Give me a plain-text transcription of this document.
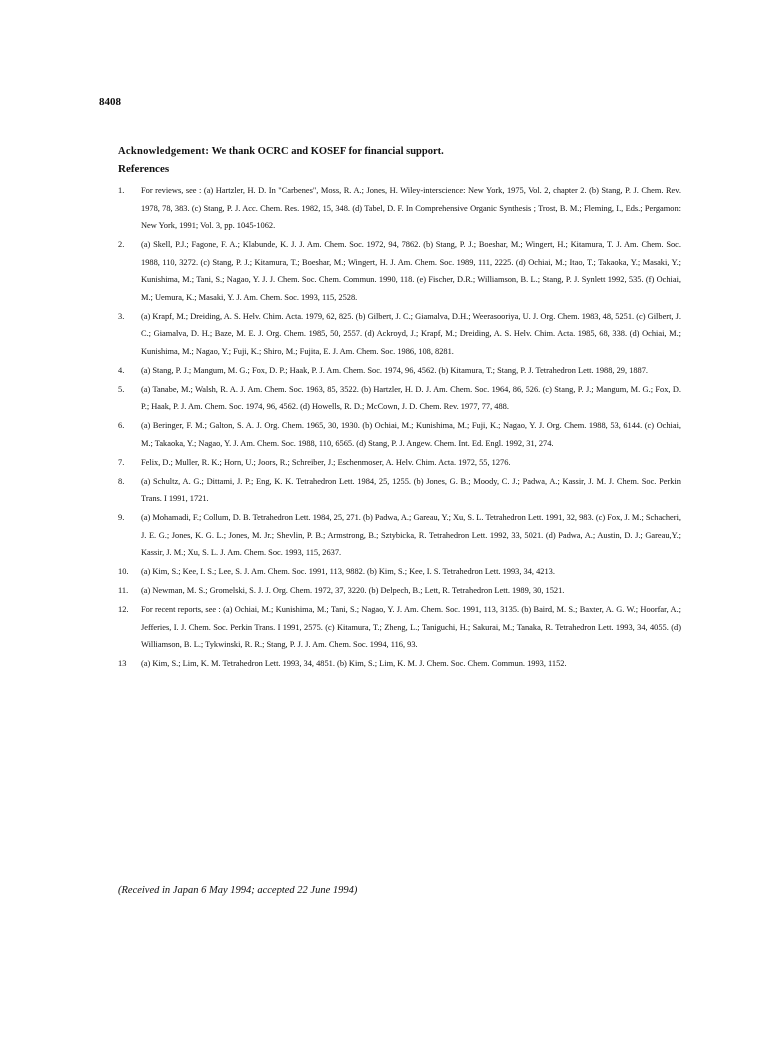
8408
Acknowledgement: We thank OCRC and KOSEF for financial support.
References
1. For reviews, see : (a) Hartzler, H. D. In "Carbenes", Moss, R. A.; Jones, H. Wiley-interscience: New York, 1975, Vol. 2, chapter 2. (b) Stang, P. J. Chem. Rev. 1978, 78, 383. (c) Stang, P. J. Acc. Chem. Res. 1982, 15, 348. (d) Tabel, D. F. In Comprehensive Organic Synthesis ; Trost, B. M.; Fleming, I., Eds.; Pergamon: New York, 1991; Vol. 3, pp. 1045-1062.
2. (a) Skell, P.J.; Fagone, F. A.; Klabunde, K. J. J. Am. Chem. Soc. 1972, 94, 7862. (b) Stang, P. J.; Boeshar, M.; Wingert, H.; Kitamura, T. J. Am. Chem. Soc. 1988, 110, 3272. (c) Stang, P. J.; Kitamura, T.; Boeshar, M.; Wingert, H. J. Am. Chem. Soc. 1989, 111, 2225. (d) Ochiai, M.; Itao, T.; Takaoka, Y.; Masaki, Y.; Kunishima, M.; Tani, S.; Nagao, Y. J. J. Chem. Soc. Chem. Commun. 1990, 118. (e) Fischer, D.R.; Williamson, B. L.; Stang, P. J. Synlett 1992, 535. (f) Ochiai, M.; Uemura, K.; Masaki, Y. J. Am. Chem. Soc. 1993, 115, 2528.
3. (a) Krapf, M.; Dreiding, A. S. Helv. Chim. Acta. 1979, 62, 825. (b) Gilbert, J. C.; Giamalva, D.H.; Weerasooriya, U. J. Org. Chem. 1983, 48, 5251. (c) Gilbert, J. C.; Giamalva, D. H.; Baze, M. E. J. Org. Chem. 1985, 50, 2557. (d) Ackroyd, J.; Krapf, M.; Dreiding, A. S. Helv. Chim. Acta. 1985, 68, 338. (d) Ochiai, M.; Kunishima, M.; Nagao, Y.; Fuji, K.; Shiro, M.; Fujita, E. J. Am. Chem. Soc. 1986, 108, 8281.
4. (a) Stang, P. J.; Mangum, M. G.; Fox, D. P.; Haak, P. J. Am. Chem. Soc. 1974, 96, 4562. (b) Kitamura, T.; Stang, P. J. Tetrahedron Lett. 1988, 29, 1887.
5. (a) Tanabe, M.; Walsh, R. A. J. Am. Chem. Soc. 1963, 85, 3522. (b) Hartzler, H. D. J. Am. Chem. Soc. 1964, 86, 526. (c) Stang, P. J.; Mangum, M. G.; Fox, D. P.; Haak, P. J. Am. Chem. Soc. 1974, 96, 4562. (d) Howells, R. D.; McCown, J. D. Chem. Rev. 1977, 77, 488.
6. (a) Beringer, F. M.; Galton, S. A. J. Org. Chem. 1965, 30, 1930. (b) Ochiai, M.; Kunishima, M.; Fuji, K.; Nagao, Y. J. Org. Chem. 1988, 53, 6144. (c) Ochiai, M.; Takaoka, Y.; Nagao, Y. J. Am. Chem. Soc. 1988, 110, 6565. (d) Stang, P. J. Angew. Chem. Int. Ed. Engl. 1992, 31, 274.
7. Felix, D.; Muller, R. K.; Horn, U.; Joors, R.; Schreiber, J.; Eschenmoser, A. Helv. Chim. Acta. 1972, 55, 1276.
8. (a) Schultz, A. G.; Dittami, J. P.; Eng, K. K. Tetrahedron Lett. 1984, 25, 1255. (b) Jones, G. B.; Moody, C. J.; Padwa, A.; Kassir, J. M. J. Chem. Soc. Perkin Trans. I 1991, 1721.
9. (a) Mohamadi, F.; Collum, D. B. Tetrahedron Lett. 1984, 25, 271. (b) Padwa, A.; Gareau, Y.; Xu, S. L. Tetrahedron Lett. 1991, 32, 983. (c) Fox, J. M.; Schacheri, J. E. G.; Jones, K. G. L.; Jones, M. Jr.; Shevlin, P. B.; Armstrong, B.; Sztybicka, R. Tetrahedron Lett. 1992, 33, 5021. (d) Padwa, A.; Austin, D. J.; Gareau,Y.; Kassir, J. M.; Xu, S. L. J. Am. Chem. Soc. 1993, 115, 2637.
10. (a) Kim, S.; Kee, I. S.; Lee, S. J. Am. Chem. Soc. 1991, 113, 9882. (b) Kim, S.; Kee, I. S. Tetrahedron Lett. 1993, 34, 4213.
11. (a) Newman, M. S.; Gromelski, S. J. J. Org. Chem. 1972, 37, 3220. (b) Delpech, B.; Lett, R. Tetrahedron Lett. 1989, 30, 1521.
12. For recent reports, see : (a) Ochiai, M.; Kunishima, M.; Tani, S.; Nagao, Y. J. Am. Chem. Soc. 1991, 113, 3135. (b) Baird, M. S.; Baxter, A. G. W.; Hoorfar, A.; Jefferies, I. J. Chem. Soc. Perkin Trans. I 1991, 2575. (c) Kitamura, T.; Zheng, L.; Taniguchi, H.; Sakurai, M.; Tanaka, R. Tetrahedron Lett. 1993, 34, 4055. (d) Williamson, B. L.; Tykwinski, R. R.; Stang, P. J. J. Am. Chem. Soc. 1994, 116, 93.
13 (a) Kim, S.; Lim, K. M. Tetrahedron Lett. 1993, 34, 4851. (b) Kim, S.; Lim, K. M. J. Chem. Soc. Chem. Commun. 1993, 1152.
(Received in Japan 6 May 1994; accepted 22 June 1994)
